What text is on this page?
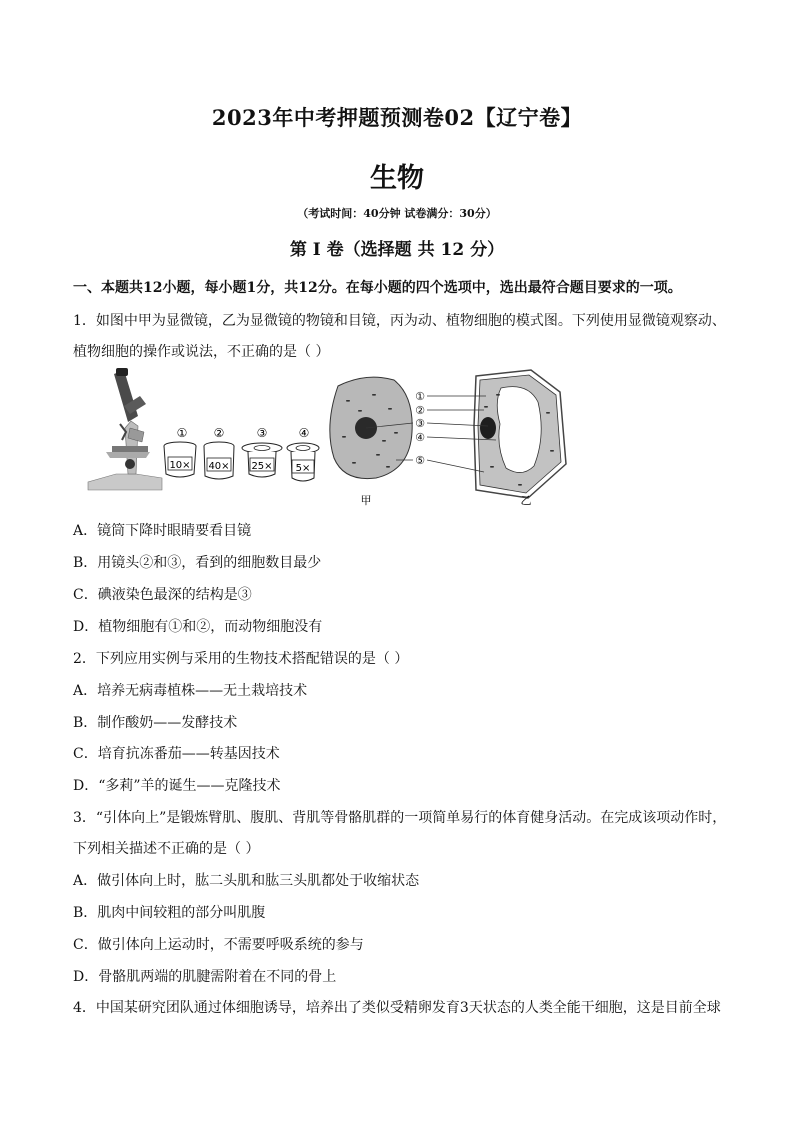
2023年中考押题预测卷02【辽宁卷】
生物
（考试时间：40分钟 试卷满分：30分）
第 I 卷（选择题 共 12 分）
一、本题共12小题，每小题1分，共12分。在每小题的四个选项中，选出最符合题目要求的一项。
1．如图中甲为显微镜，乙为显微镜的物镜和目镜，丙为动、植物细胞的模式图。下列使用显微镜观察动、
植物细胞的操作或说法，不正确的是（ ）
① ②	③	④
10× 40× 25× 5×
甲	乙
①
②
③
④
⑤
A．镜筒下降时眼睛要看目镜
B．用镜头②和③，看到的细胞数目最少
C．碘液染色最深的结构是③
D．植物细胞有①和②，而动物细胞没有
2．下列应用实例与采用的生物技术搭配错误的是（ ）
A．培养无病毒植株——无土栽培技术
B．制作酸奶——发酵技术
C．培育抗冻番茄——转基因技术
D．“多莉”羊的诞生——克隆技术
3．“引体向上”是锻炼臂肌、腹肌、背肌等骨骼肌群的一项简单易行的体育健身活动。在完成该项动作时，
下列相关描述不正确的是（ ）
A．做引体向上时，肱二头肌和肱三头肌都处于收缩状态
B．肌肉中间较粗的部分叫肌腹
C．做引体向上运动时，不需要呼吸系统的参与
D．骨骼肌两端的肌腱需附着在不同的骨上
4．中国某研究团队通过体细胞诱导，培养出了类似受精卵发育3天状态的人类全能干细胞，这是目前全球
